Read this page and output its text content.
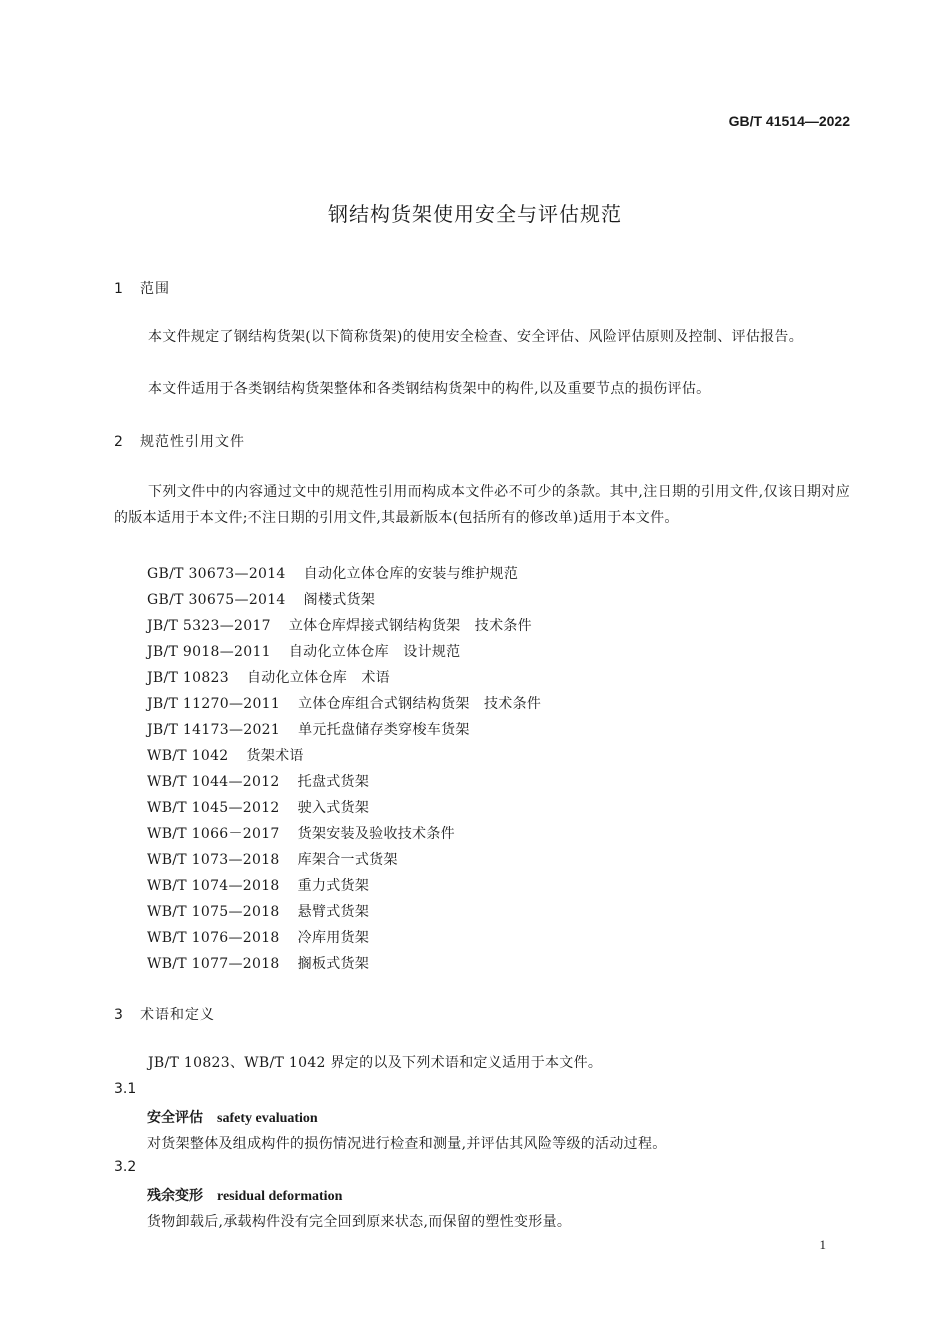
GB/T 41514—2022
钢结构货架使用安全与评估规范
1 范围
本文件规定了钢结构货架(以下简称货架)的使用安全检查、安全评估、风险评估原则及控制、评估报告。
本文件适用于各类钢结构货架整体和各类钢结构货架中的构件,以及重要节点的损伤评估。
2 规范性引用文件
下列文件中的内容通过文中的规范性引用而构成本文件必不可少的条款。其中,注日期的引用文件,仅该日期对应的版本适用于本文件;不注日期的引用文件,其最新版本(包括所有的修改单)适用于本文件。
GB/T 30673—2014 自动化立体仓库的安装与维护规范
GB/T 30675—2014 阁楼式货架
JB/T 5323—2017 立体仓库焊接式钢结构货架　技术条件
JB/T 9018—2011 自动化立体仓库　设计规范
JB/T 10823 自动化立体仓库　术语
JB/T 11270—2011 立体仓库组合式钢结构货架　技术条件
JB/T 14173—2021 单元托盘储存类穿梭车货架
WB/T 1042 货架术语
WB/T 1044—2012 托盘式货架
WB/T 1045—2012 驶入式货架
WB/T 1066－2017 货架安装及验收技术条件
WB/T 1073—2018 库架合一式货架
WB/T 1074—2018 重力式货架
WB/T 1075—2018 悬臂式货架
WB/T 1076—2018 冷库用货架
WB/T 1077—2018 搁板式货架
3 术语和定义
JB/T 10823、WB/T 1042 界定的以及下列术语和定义适用于本文件。
3.1
安全评估 safety evaluation
对货架整体及组成构件的损伤情况进行检查和测量,并评估其风险等级的活动过程。
3.2
残余变形 residual deformation
货物卸载后,承载构件没有完全回到原来状态,而保留的塑性变形量。
1
